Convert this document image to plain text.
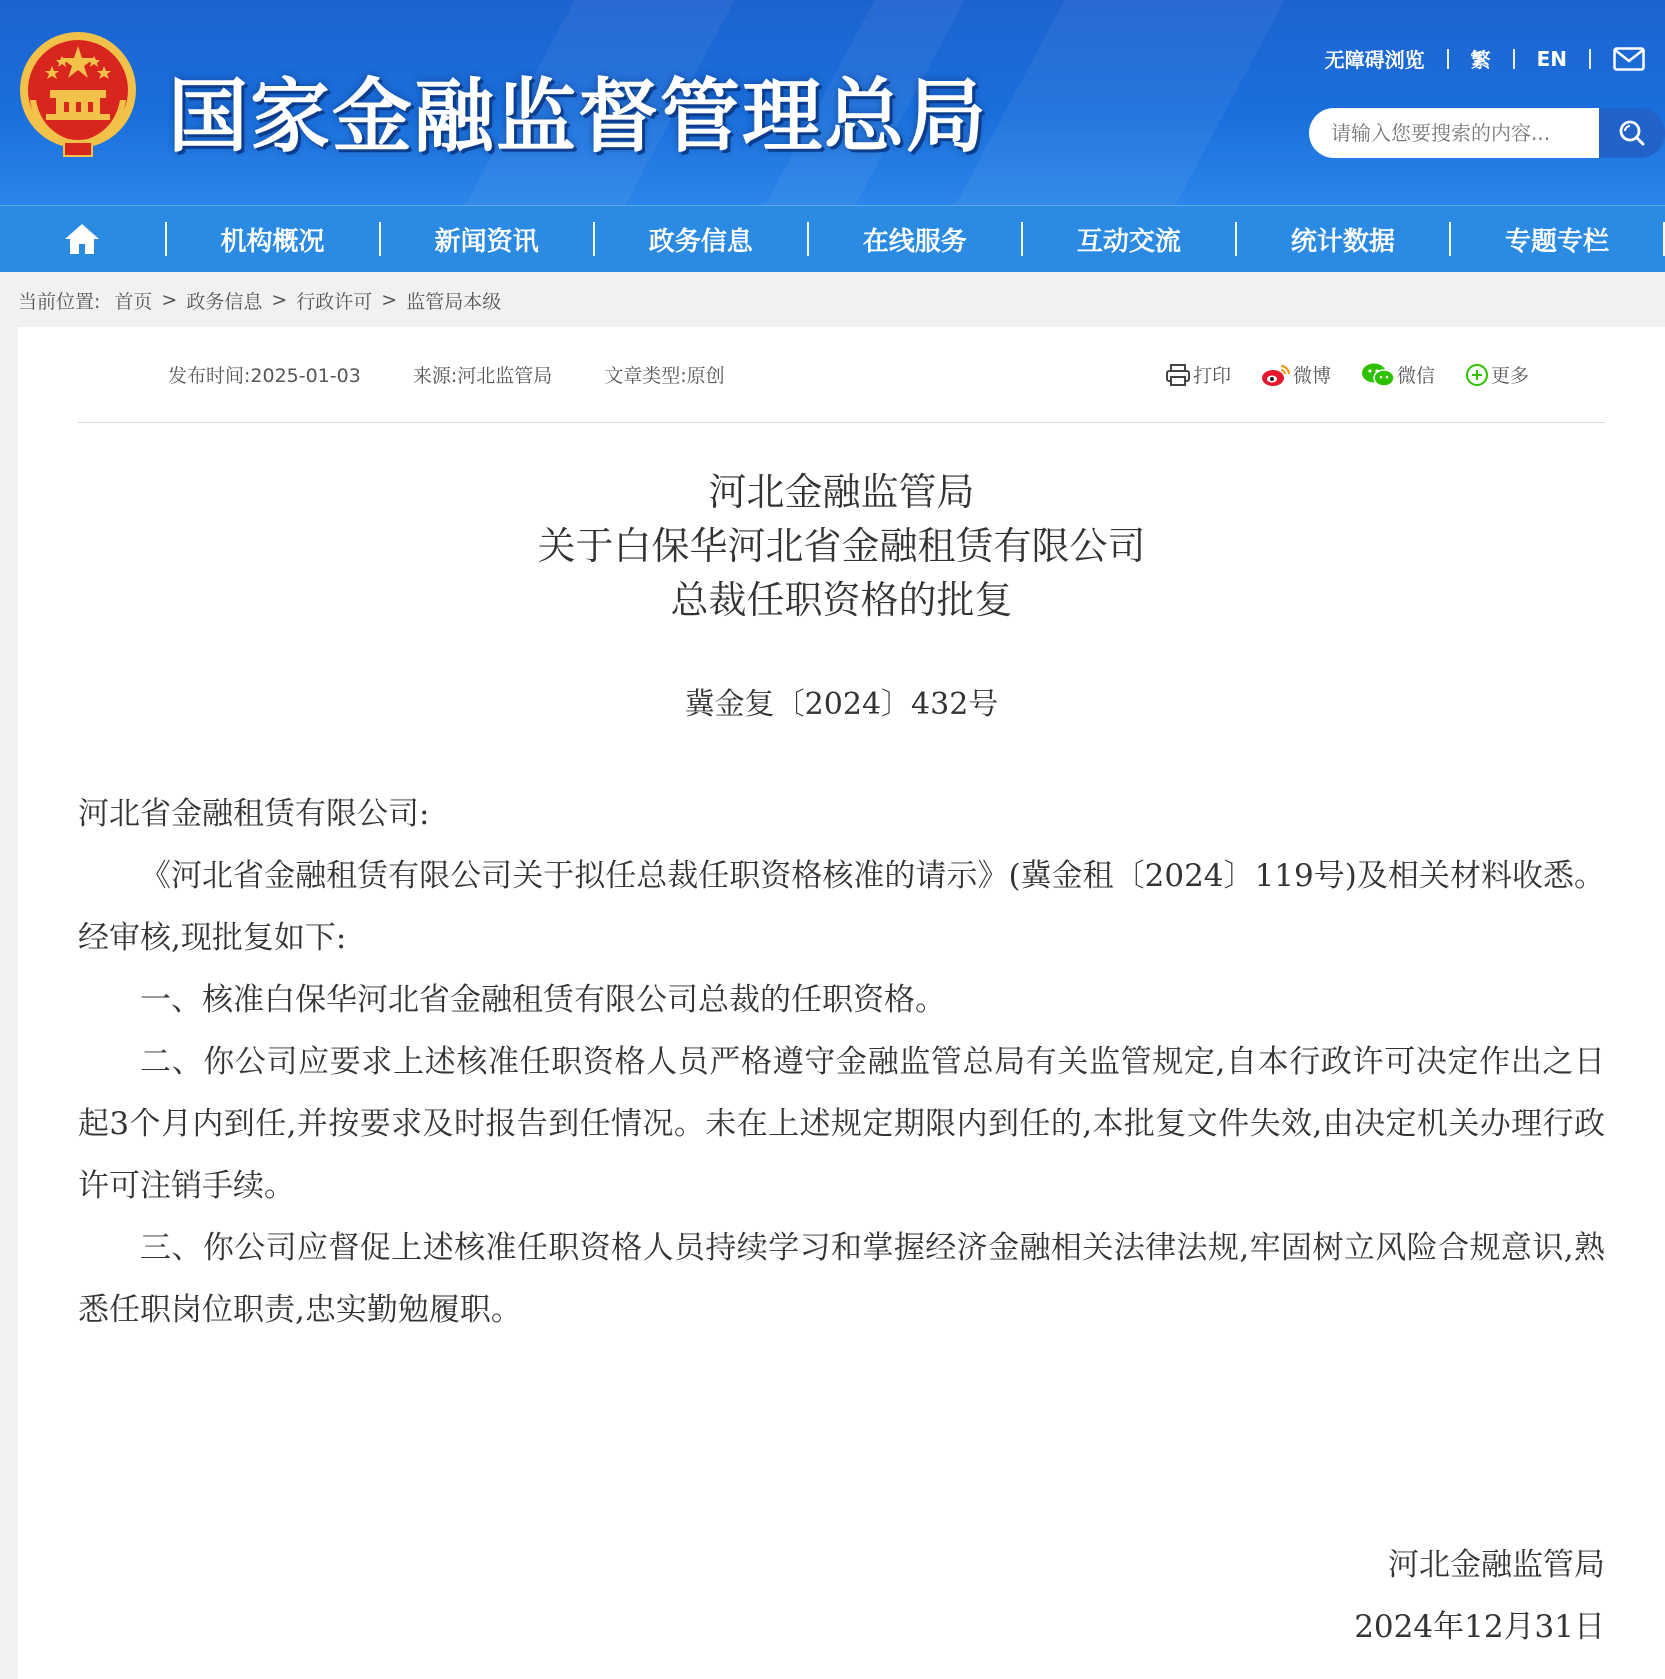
国家金融监督管理总局
无障碍浏览 繁 EN
请输入您要搜索的内容...
机构概况	新闻资讯	政务信息	在线服务	互动交流	统计数据	专题专栏
当前位置: 首页 > 政务信息 > 行政许可 > 监管局本级
发布时间:2025-01-03	来源:河北监管局	文章类型:原创	打印	微博	微信	更多
河北金融监管局
关于白保华河北省金融租赁有限公司
总裁任职资格的批复
冀金复〔2024〕432号

河北省金融租赁有限公司:

《河北省金融租赁有限公司关于拟任总裁任职资格核准的请示》(冀金租〔2024〕119号)及相关材料收悉。经审核,现批复如下:

一、核准白保华河北省金融租赁有限公司总裁的任职资格。

二、你公司应要求上述核准任职资格人员严格遵守金融监管总局有关监管规定,自本行政许可决定作出之日起3个月内到任,并按要求及时报告到任情况。未在上述规定期限内到任的,本批复文件失效,由决定机关办理行政许可注销手续。

三、你公司应督促上述核准任职资格人员持续学习和掌握经济金融相关法律法规,牢固树立风险合规意识,熟悉任职岗位职责,忠实勤勉履职。

河北金融监管局
2024年12月31日
